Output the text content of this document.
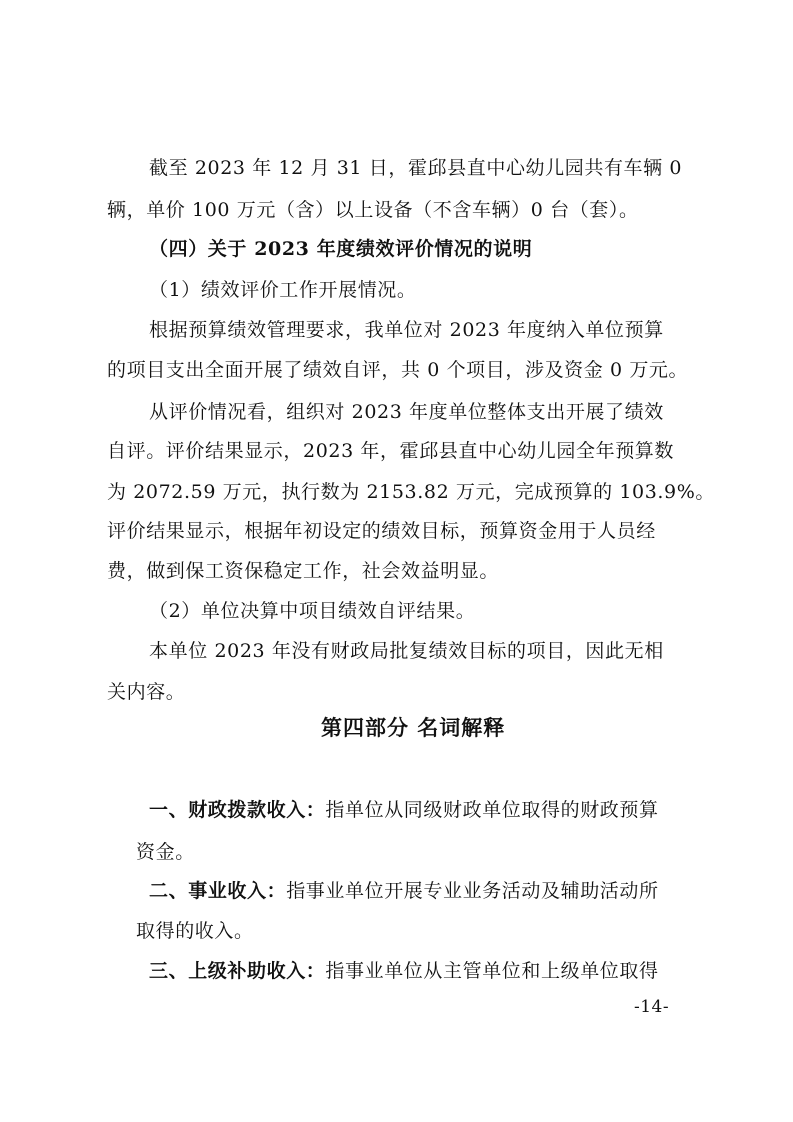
截至 2023 年 12 月 31 日，霍邱县直中心幼儿园共有车辆 0
辆，单价 100 万元（含）以上设备（不含车辆）0 台（套）。
（四）关于 2023 年度绩效评价情况的说明
（1）绩效评价工作开展情况。
根据预算绩效管理要求，我单位对 2023 年度纳入单位预算
的项目支出全面开展了绩效自评，共 0 个项目，涉及资金 0 万元。
从评价情况看，组织对 2023 年度单位整体支出开展了绩效
自评。评价结果显示，2023 年，霍邱县直中心幼儿园全年预算数
为 2072.59 万元，执行数为 2153.82 万元，完成预算的 103.9%。
评价结果显示，根据年初设定的绩效目标，预算资金用于人员经
费，做到保工资保稳定工作，社会效益明显。
（2）单位决算中项目绩效自评结果。
本单位 2023 年没有财政局批复绩效目标的项目，因此无相
关内容。
第四部分 名词解释
一、财政拨款收入：指单位从同级财政单位取得的财政预算
资金。
二、事业收入：指事业单位开展专业业务活动及辅助活动所
取得的收入。
三、上级补助收入：指事业单位从主管单位和上级单位取得
-14-
